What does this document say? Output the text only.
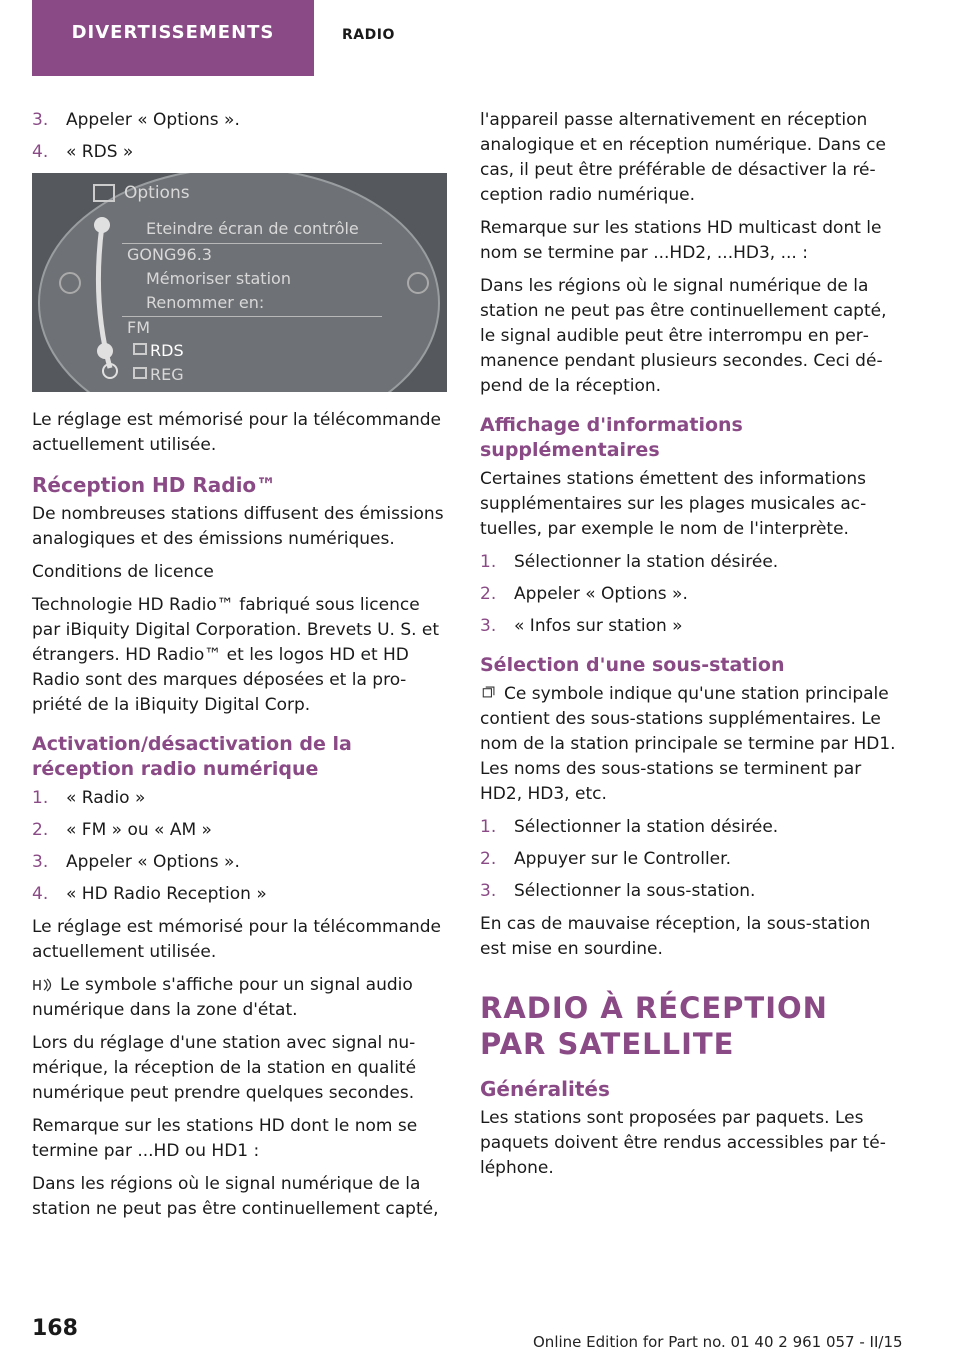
DIVERTISSEMENTS	RADIO
3.	Appeler « Options ».
4.	« RDS »
Options
Eteindre écran de contrôle
GONG96.3
Mémoriser station
Renommer en:
FM
RDS
REG

Le réglage est mémorisé pour la télécommande actuellement utilisée.

Réception HD Radio™

De nombreuses stations diffusent des émissions analogiques et des émissions numériques.

Conditions de licence

Technologie HD Radio™ fabriqué sous licence par iBiquity Digital Corporation. Brevets U. S. et étrangers. HD Radio™ et les logos HD et HD Radio sont des marques déposées et la propriété de la iBiquity Digital Corp.

Activation/désactivation de la réception radio numérique
1.	« Radio »
2.	« FM » ou « AM »
3.	Appeler « Options ».
4.	« HD Radio Reception »

Le réglage est mémorisé pour la télécommande actuellement utilisée.

Le symbole s'affiche pour un signal audio numérique dans la zone d'état.

Lors du réglage d'une station avec signal numérique, la réception de la station en qualité numérique peut prendre quelques secondes.

Remarque sur les stations HD dont le nom se termine par ...HD ou HD1 :

Dans les régions où le signal numérique de la station ne peut pas être continuellement capté,

l'appareil passe alternativement en réception analogique et en réception numérique. Dans ce cas, il peut être préférable de désactiver la réception radio numérique.

Remarque sur les stations HD multicast dont le nom se termine par ...HD2, ...HD3, ... :

Dans les régions où le signal numérique de la station ne peut pas être continuellement capté, le signal audible peut être interrompu en permanence pendant plusieurs secondes. Ceci dépend de la réception.

Affichage d'informations supplémentaires

Certaines stations émettent des informations supplémentaires sur les plages musicales actuelles, par exemple le nom de l'interprète.

1.	Sélectionner la station désirée.
2.	Appeler « Options ».
3.	« Infos sur station »
Sélection d'une sous-station

Ce symbole indique qu'une station principale contient des sous-stations supplémentaires. Le nom de la station principale se termine par HD1. Les noms des sous-stations se terminent par HD2, HD3, etc.

1.	Sélectionner la station désirée.
2.	Appuyer sur le Controller.
3.	Sélectionner la sous-station.

En cas de mauvaise réception, la sous-station est mise en sourdine.

RADIO À RÉCEPTION PAR SATELLITE
Généralités

Les stations sont proposées par paquets. Les paquets doivent être rendus accessibles par téléphone.

168
Online Edition for Part no. 01 40 2 961 057 - II/15
